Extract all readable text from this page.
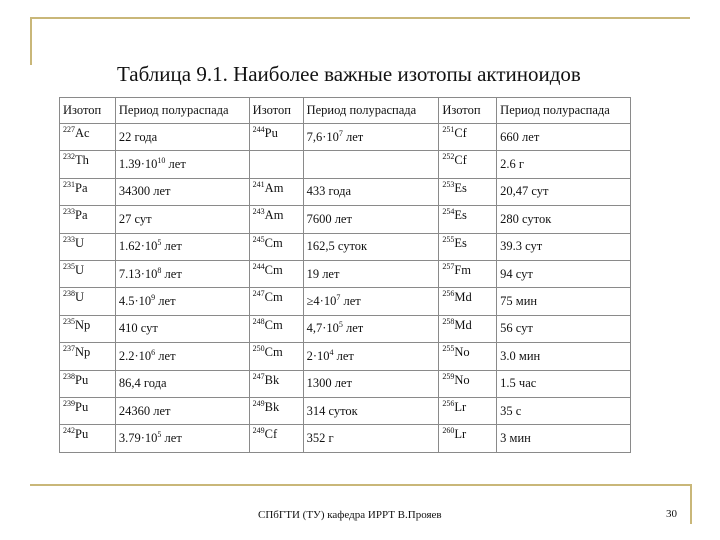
Таблица 9.1. Наиболее важные изотопы актиноидов
Изотоп	Период полураспада	Изотоп	Период полураспада	Изотоп	Период полураспада
$^{227}$Ac	22 года	$^{244}$Pu	$7,6\cdot 10^7$ лет	$^{251}$Cf	660 лет
$^{232}$Th	$1.39\cdot 10^{10}$ лет			$^{252}$Cf	2.6 г
$^{231}$Pa	34300 лет	$^{241}$Am	433 года	$^{253}$Es	20,47 сут
$^{233}$Pa	27 сут	$^{243}$Am	7600 лет	$^{254}$Es	280 суток
$^{233}$U	$1.62\cdot 10^5$ лет	$^{245}$Cm	162,5 суток	$^{255}$Es	39.3 сут
$^{235}$U	$7.13\cdot 10^8$ лет	$^{244}$Cm	19 лет	$^{257}$Fm	94 сут
$^{238}$U	$4.5\cdot 10^9$ лет	$^{247}$Cm	$\ge 4\cdot 10^7$ лет	$^{256}$Md	75 мин
$^{235}$Np	410 сут	$^{248}$Cm	$4,7\cdot 10^5$ лет	$^{258}$Md	56 сут
$^{237}$Np	$2.2\cdot 10^6$ лет	$^{250}$Cm	$2\cdot 10^4$ лет	$^{255}$No	3.0 мин
$^{238}$Pu	86,4 года	$^{247}$Bk	1300 лет	$^{259}$No	1.5 час
$^{239}$Pu	24360 лет	$^{249}$Bk	314 суток	$^{256}$Lr	35 с
$^{242}$Pu	$3.79\cdot 10^5$ лет	$^{249}$Cf	352 г	$^{260}$Lr	3 мин
СПбГТИ (ТУ) кафедра ИРРТ В.Прояев	30
